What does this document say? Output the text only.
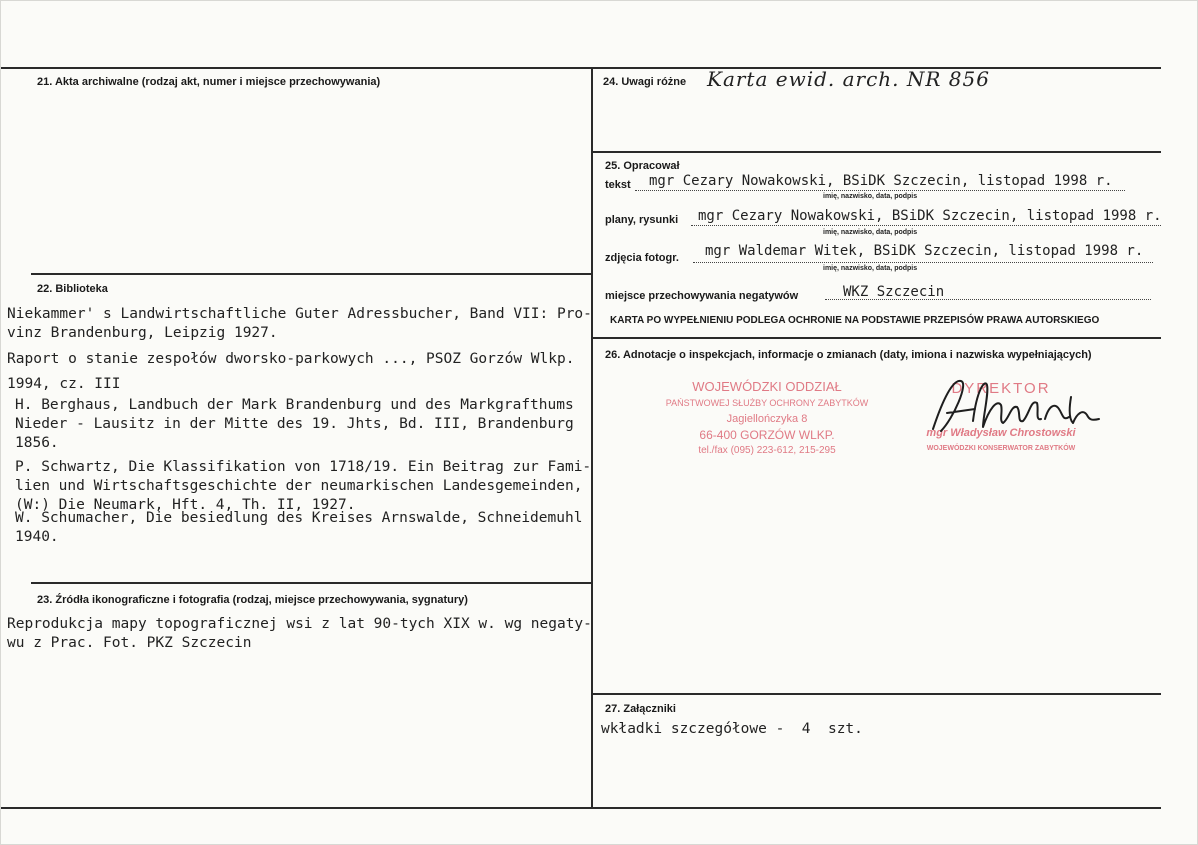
21. Akta archiwalne (rodzaj akt, numer i miejsce przechowywania)
22. Biblioteka
Niekammer' s Landwirtschaftliche Guter Adressbucher, Band VII: Pro-
vinz Brandenburg, Leipzig 1927.
Raport o stanie zespołów dworsko-parkowych ..., PSOZ Gorzów Wlkp.
1994, cz. III
H. Berghaus, Landbuch der Mark Brandenburg und des Markgrafthums
Nieder - Lausitz in der Mitte des 19. Jhts, Bd. III, Brandenburg
1856.
P. Schwartz, Die Klassifikation von 1718/19. Ein Beitrag zur Fami-
lien und Wirtschaftsgeschichte der neumarkischen Landesgemeinden,
(W:) Die Neumark, Hft. 4, Th. II, 1927.
W. Schumacher, Die besiedlung des Kreises Arnswalde, Schneidemuhl
1940.
23. Źródła ikonograficzne i fotografia (rodzaj, miejsce przechowywania, sygnatury)
Reprodukcja mapy topograficznej wsi z lat 90-tych XIX w. wg negaty-
wu z Prac. Fot. PKZ Szczecin
24. Uwagi różne Karta ewid. arch. NR 856
25. Opracował
tekst mgr Cezary Nowakowski, BSiDK Szczecin, listopad 1998 r.
imię, nazwisko, data, podpis
plany, rysunki mgr Cezary Nowakowski, BSiDK Szczecin, listopad 1998 r.
imię, nazwisko, data, podpis
zdjęcia fotogr. mgr Waldemar Witek, BSiDK Szczecin, listopad 1998 r.
imię, nazwisko, data, podpis
miejsce przechowywania negatywów	WKZ Szczecin
KARTA PO WYPEŁNIENIU PODLEGA OCHRONIE NA PODSTAWIE PRZEPISÓW PRAWA AUTORSKIEGO
26. Adnotacje o inspekcjach, informacje o zmianach (daty, imiona i nazwiska wypełniających)
WOJEWÓDZKI ODDZIAŁ
PAŃSTWOWEJ SŁUŻBY OCHRONY ZABYTKÓW
Jagiellończyka 8
66-400 GORZÓW WLKP.
tel./fax (095) 223-612, 215-295
DYREKTOR
mgr Władysław Chrostowski
WOJEWÓDZKI KONSERWATOR ZABYTKÓW
27. Załączniki
wkładki szczegółowe -  4  szt.
